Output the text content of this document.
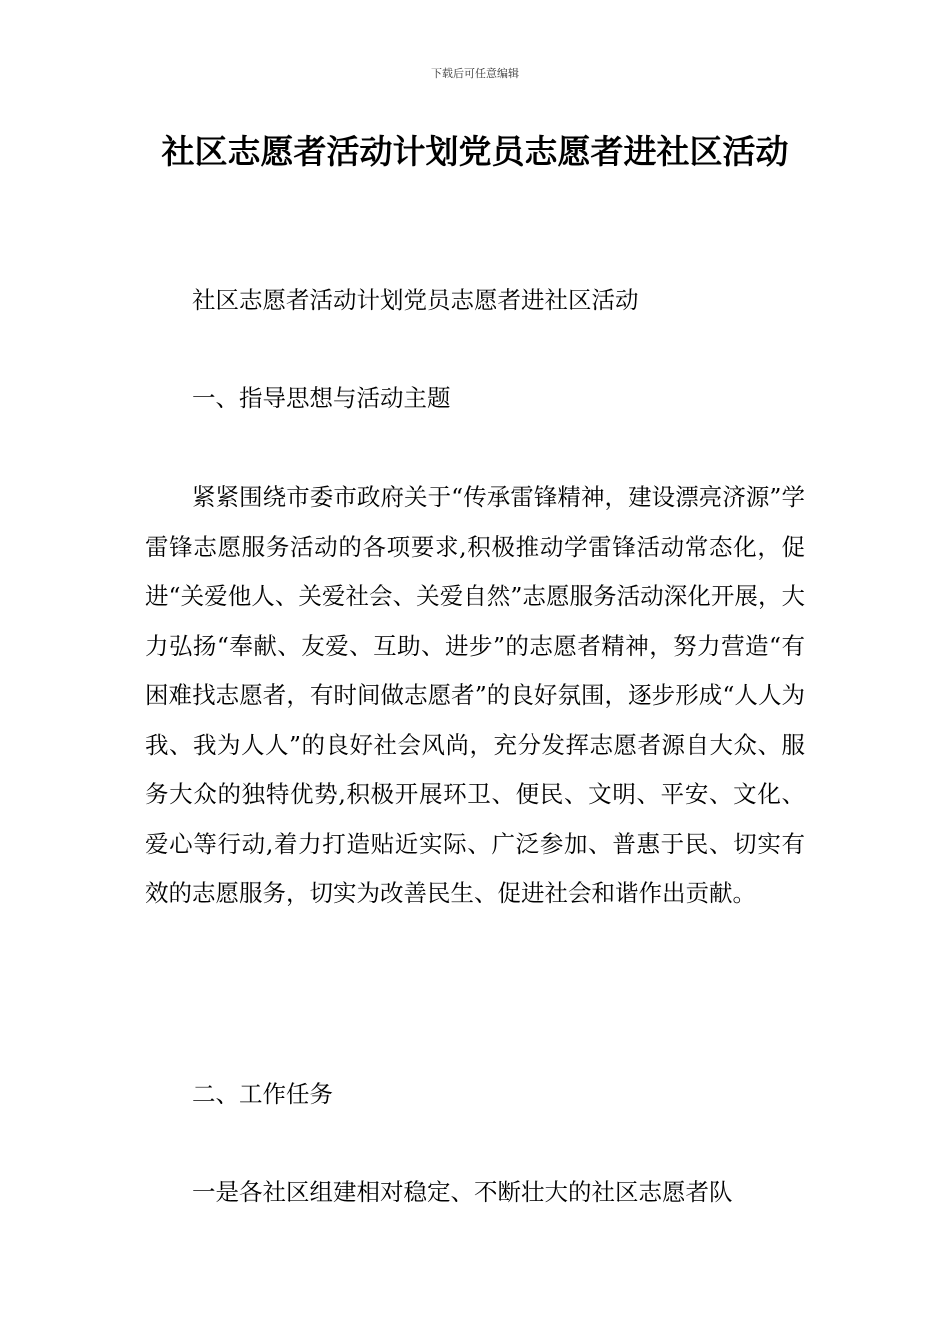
下载后可任意编辑
社区志愿者活动计划党员志愿者进社区活动

社区志愿者活动计划党员志愿者进社区活动

一、指导思想与活动主题

紧紧围绕市委市政府关于“传承雷锋精神，建设漂亮济源”学雷锋志愿服务活动的各项要求,积极推动学雷锋活动常态化，促进“关爱他人、关爱社会、关爱自然”志愿服务活动深化开展，大力弘扬“奉献、友爱、互助、进步”的志愿者精神，努力营造“有困难找志愿者，有时间做志愿者”的良好氛围，逐步形成“人人为我、我为人人”的良好社会风尚，充分发挥志愿者源自大众、服务大众的独特优势,积极开展环卫、便民、文明、平安、文化、爱心等行动,着力打造贴近实际、广泛参加、普惠于民、切实有效的志愿服务，切实为改善民生、促进社会和谐作出贡献。

二、工作任务

一是各社区组建相对稳定、不断壮大的社区志愿者队
